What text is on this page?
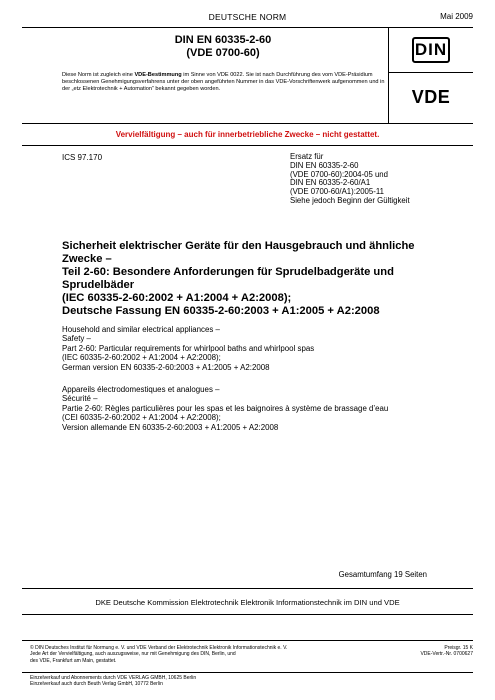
DEUTSCHE NORM	Mai 2009
DIN EN 60335-2-60
(VDE 0700-60)
Diese Norm ist zugleich eine VDE-Bestimmung im Sinne von VDE 0022. Sie ist nach Durchführung des vom VDE-Präsidium beschlossenen Genehmigungsverfahrens unter der oben angeführten Nummer in das VDE-Vorschriftenwerk aufgenommen und in der „etz Elektrotechnik + Automation“ bekannt gegeben worden.
DIN
VDE
Vervielfältigung – auch für innerbetriebliche Zwecke – nicht gestattet.
ICS 97.170	Ersatz für
DIN EN 60335-2-60
(VDE 0700-60):2004-05 und
DIN EN 60335-2-60/A1
(VDE 0700-60/A1):2005-11
Siehe jedoch Beginn der Gültigkeit
Sicherheit elektrischer Geräte für den Hausgebrauch und ähnliche
Zwecke –
Teil 2-60: Besondere Anforderungen für Sprudelbadgeräte und
Sprudelbäder
(IEC 60335-2-60:2002 + A1:2004 + A2:2008);
Deutsche Fassung EN 60335-2-60:2003 + A1:2005 + A2:2008
Household and similar electrical appliances –
Safety –
Part 2-60: Particular requirements for whirlpool baths and whirlpool spas
(IEC 60335-2-60:2002 + A1:2004 + A2:2008);
German version EN 60335-2-60:2003 + A1:2005 + A2:2008
Appareils électrodomestiques et analogues –
Sécurité –
Partie 2-60: Règles particulières pour les spas et les baignoires à système de brassage d’eau
(CEI 60335-2-60:2002 + A1:2004 + A2:2008);
Version allemande EN 60335-2-60:2003 + A1:2005 + A2:2008
Gesamtumfang 19 Seiten
DKE Deutsche Kommission Elektrotechnik Elektronik Informationstechnik im DIN und VDE
© DIN Deutsches Institut für Normung e. V. und VDE Verband der Elektrotechnik Elektronik Informationstechnik e. V.
Jede Art der Vervielfältigung, auch auszugsweise, nur mit Genehmigung des DIN, Berlin, und
des VDE, Frankfurt am Main, gestattet.
Preisgr. 15 K
VDE-Vertr.-Nr. 0700627
Einzelverkauf und Abonnements durch VDE VERLAG GMBH, 10625 Berlin
Einzelverkauf auch durch Beuth Verlag GmbH, 10772 Berlin
